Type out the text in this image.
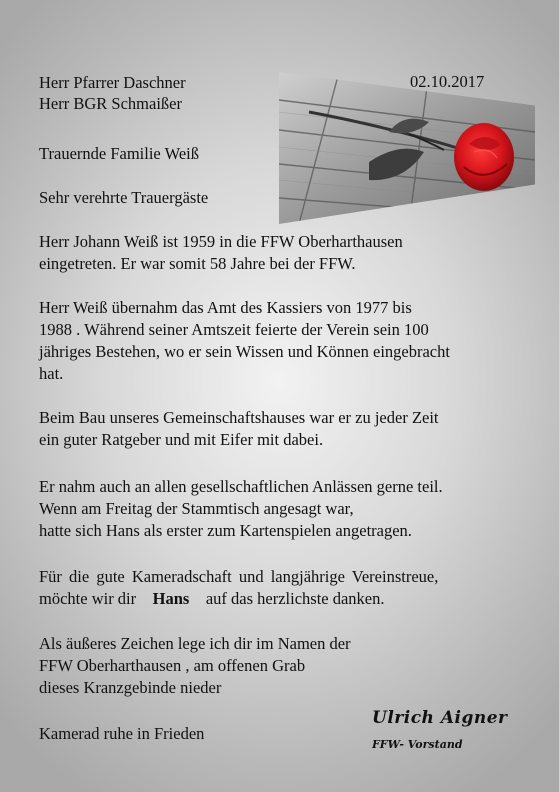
Herr Pfarrer Daschner
Herr BGR Schmaißer
02.10.2017
Trauernde Familie Weiß
Sehr verehrte Trauergäste
Herr Johann Weiß ist 1959 in die FFW Oberharthausen
eingetreten. Er war somit 58 Jahre bei der FFW.
Herr Weiß übernahm das Amt des Kassiers von 1977 bis
1988 . Während seiner Amtszeit feierte der Verein sein 100
jähriges Bestehen, wo er sein Wissen und Können eingebracht
hat.
Beim Bau unseres Gemeinschaftshauses war er zu jeder Zeit
ein guter Ratgeber und mit Eifer mit dabei.
Er nahm auch an allen gesellschaftlichen Anlässen gerne teil.
Wenn am Freitag der Stammtisch angesagt war,
hatte sich Hans als erster zum Kartenspielen angetragen.
Für die gute Kameradschaft und langjährige Vereinstreue,
möchte wir dir Hans auf das herzlichste danken.
Als äußeres Zeichen lege ich dir im Namen der
FFW Oberharthausen , am offenen Grab
dieses Kranzgebinde nieder
Kamerad ruhe in Frieden
Ulrich Aigner
FFW- Vorstand
